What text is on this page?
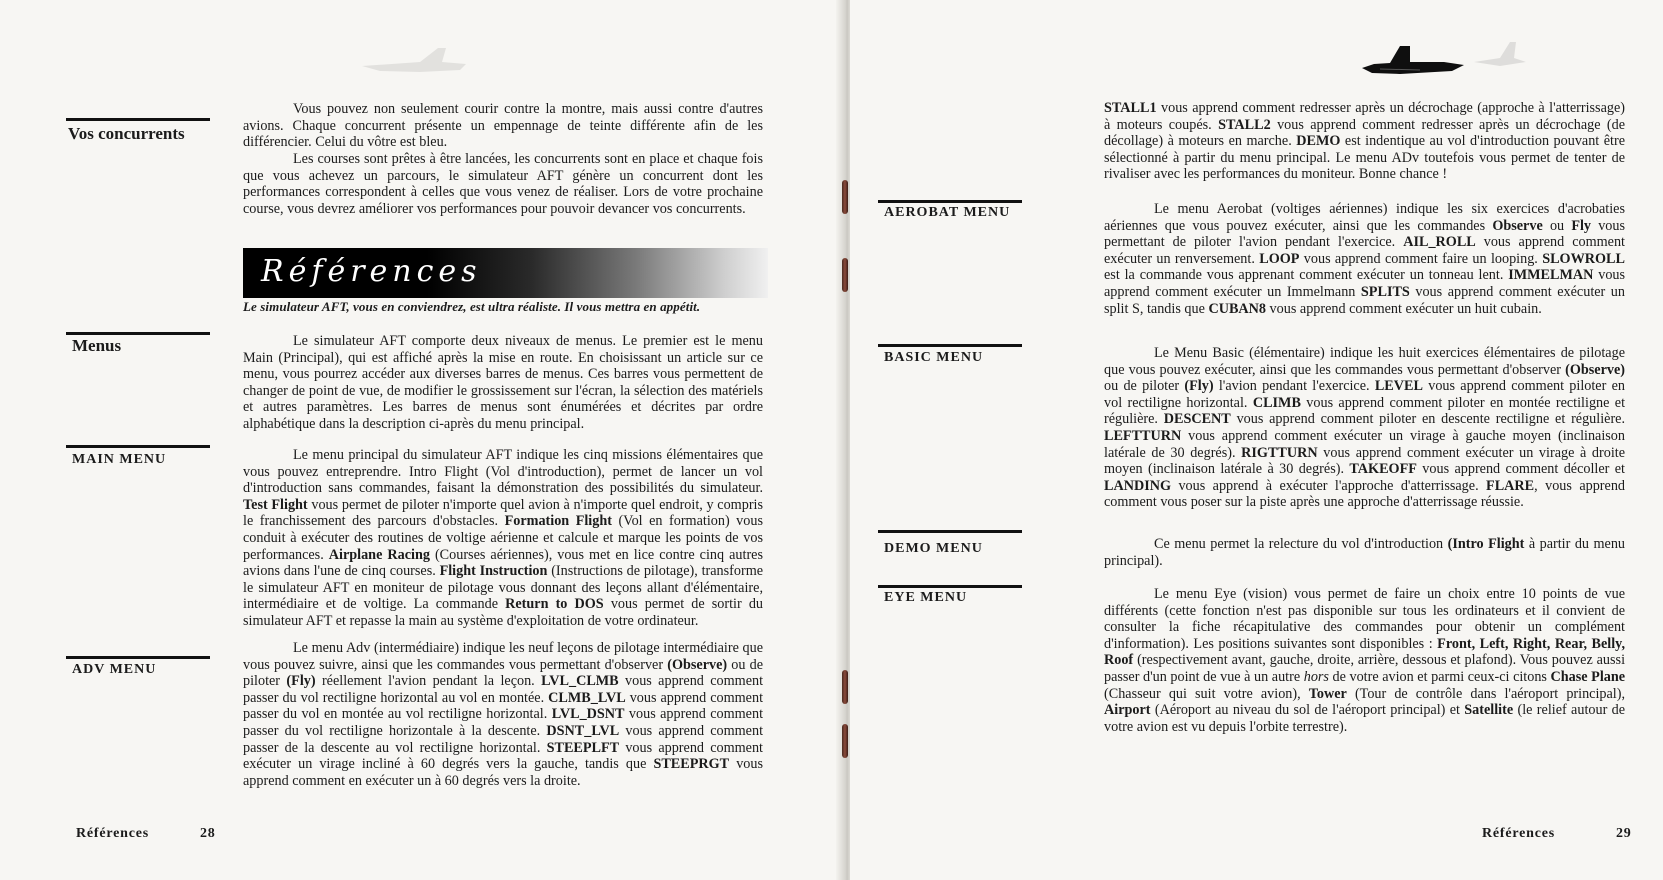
Vos concurrents

Vous pouvez non seulement courir contre la montre, mais aussi contre d'autres avions. Chaque concurrent présente un empennage de teinte différente afin de les différencier. Celui du vôtre est bleu.

Les courses sont prêtes à être lancées, les concurrents sont en place et chaque fois que vous achevez un parcours, le simulateur AFT génère un concurrent dont les performances correspondent à celles que vous venez de réaliser. Lors de votre prochaine course, vous devrez améliorer vos performances pour pouvoir devancer vos concurrents.

Références

Le simulateur AFT, vous en conviendrez, est ultra réaliste. Il vous mettra en appétit.

Menus	Le simulateur AFT comporte deux niveaux de menus. Le premier est le menu Main (Principal), qui est affiché après la mise en route. En choisissant un article sur ce menu, vous pourrez accéder aux diverses barres de menus. Ces barres vous permettent de changer de point de vue, de modifier le grossissement sur l'écran, la sélection des matériels et autres paramètres. Les barres de menus sont énumérées et décrites par ordre alphabétique dans la description ci-après du menu principal.

MAIN MENU	Le menu principal du simulateur AFT indique les cinq missions élémentaires que vous pouvez entreprendre. Intro Flight (Vol d'introduction), permet de lancer un vol d'introduction sans commandes, faisant la démonstration des possibilités du simulateur. Test Flight vous permet de piloter n'importe quel avion à n'importe quel endroit, y compris le franchissement des parcours d'obstacles. Formation Flight (Vol en formation) vous conduit à exécuter des routines de voltige aérienne et calcule et marque les points de vos performances. Airplane Racing (Courses aériennes), vous met en lice contre cinq autres avions dans l'une de cinq courses. Flight Instruction (Instructions de pilotage), transforme le simulateur AFT en moniteur de pilotage vous donnant des leçons allant d'élémentaire, intermédiaire et de voltige. La commande Return to DOS vous permet de sortir du simulateur AFT et repasse la main au système d'exploitation de votre ordinateur.

ADV MENU

Le menu Adv (intermédiaire) indique les neuf leçons de pilotage intermédiaire que vous pouvez suivre, ainsi que les commandes vous permettant d'observer (Observe) ou de piloter (Fly) réellement l'avion pendant la leçon. LVL_CLMB vous apprend comment passer du vol rectiligne horizontal au vol en montée. CLMB_LVL vous apprend comment passer du vol en montée au vol rectiligne horizontal. LVL_DSNT vous apprend comment passer du vol rectiligne horizontale à la descente. DSNT_LVL vous apprend comment passer de la descente au vol rectiligne horizontal. STEEPLFT vous apprend comment exécuter un virage incliné à 60 degrés vers la gauche, tandis que STEEPRGT vous apprend comment en exécuter un à 60 degrés vers la droite.

Références	28

STALL1 vous apprend comment redresser après un décrochage (approche à l'atterrissage) à moteurs coupés. STALL2 vous apprend comment redresser après un décrochage (de décollage) à moteurs en marche. DEMO est indentique au vol d'introduction pouvant être sélectionné à partir du menu principal. Le menu ADv toutefois vous permet de tenter de rivaliser avec les performances du moniteur. Bonne chance !

AEROBAT MENU	Le menu Aerobat (voltiges aériennes) indique les six exercices d'acrobaties aériennes que vous pouvez exécuter, ainsi que les commandes Observe ou Fly vous permettant de piloter l'avion pendant l'exercice. AIL_ROLL vous apprend comment exécuter un renversement. LOOP vous apprend comment faire un looping. SLOWROLL est la commande vous apprenant comment exécuter un tonneau lent. IMMELMAN vous apprend comment exécuter un Immelmann SPLITS vous apprend comment exécuter un split S, tandis que CUBAN8 vous apprend comment exécuter un huit cubain.

BASIC MENU	Le Menu Basic (élémentaire) indique les huit exercices élémentaires de pilotage que vous pouvez exécuter, ainsi que les commandes vous permettant d'observer (Observe) ou de piloter (Fly) l'avion pendant l'exercice. LEVEL vous apprend comment piloter en vol rectiligne horizontal. CLIMB vous apprend comment piloter en montée rectiligne et régulière. DESCENT vous apprend comment piloter en descente rectiligne et régulière. LEFTTURN vous apprend comment exécuter un virage à gauche moyen (inclinaison latérale de 30 degrés). RIGTTURN vous apprend comment exécuter un virage à droite moyen (inclinaison latérale à 30 degrés). TAKEOFF vous apprend comment décoller et LANDING vous apprend à exécuter l'approche d'atterrissage. FLARE, vous apprend comment vous poser sur la piste après une approche d'atterrissage réussie.

DEMO MENU	Ce menu permet la relecture du vol d'introduction (Intro Flight à partir du menu principal).

EYE MENU	Le menu Eye (vision) vous permet de faire un choix entre 10 points de vue différents (cette fonction n'est pas disponible sur tous les ordinateurs et il convient de consulter la fiche récapitulative des commandes pour obtenir un complément d'information). Les positions suivantes sont disponibles : Front, Left, Right, Rear, Belly, Roof (respectivement avant, gauche, droite, arrière, dessous et plafond). Vous pouvez aussi passer d'un point de vue à un autre hors de votre avion et parmi ceux-ci citons Chase Plane (Chasseur qui suit votre avion), Tower (Tour de contrôle dans l'aéroport principal), Airport (Aéroport au niveau du sol de l'aéroport principal) et Satellite (le relief autour de votre avion est vu depuis l'orbite terrestre).

Références	29
